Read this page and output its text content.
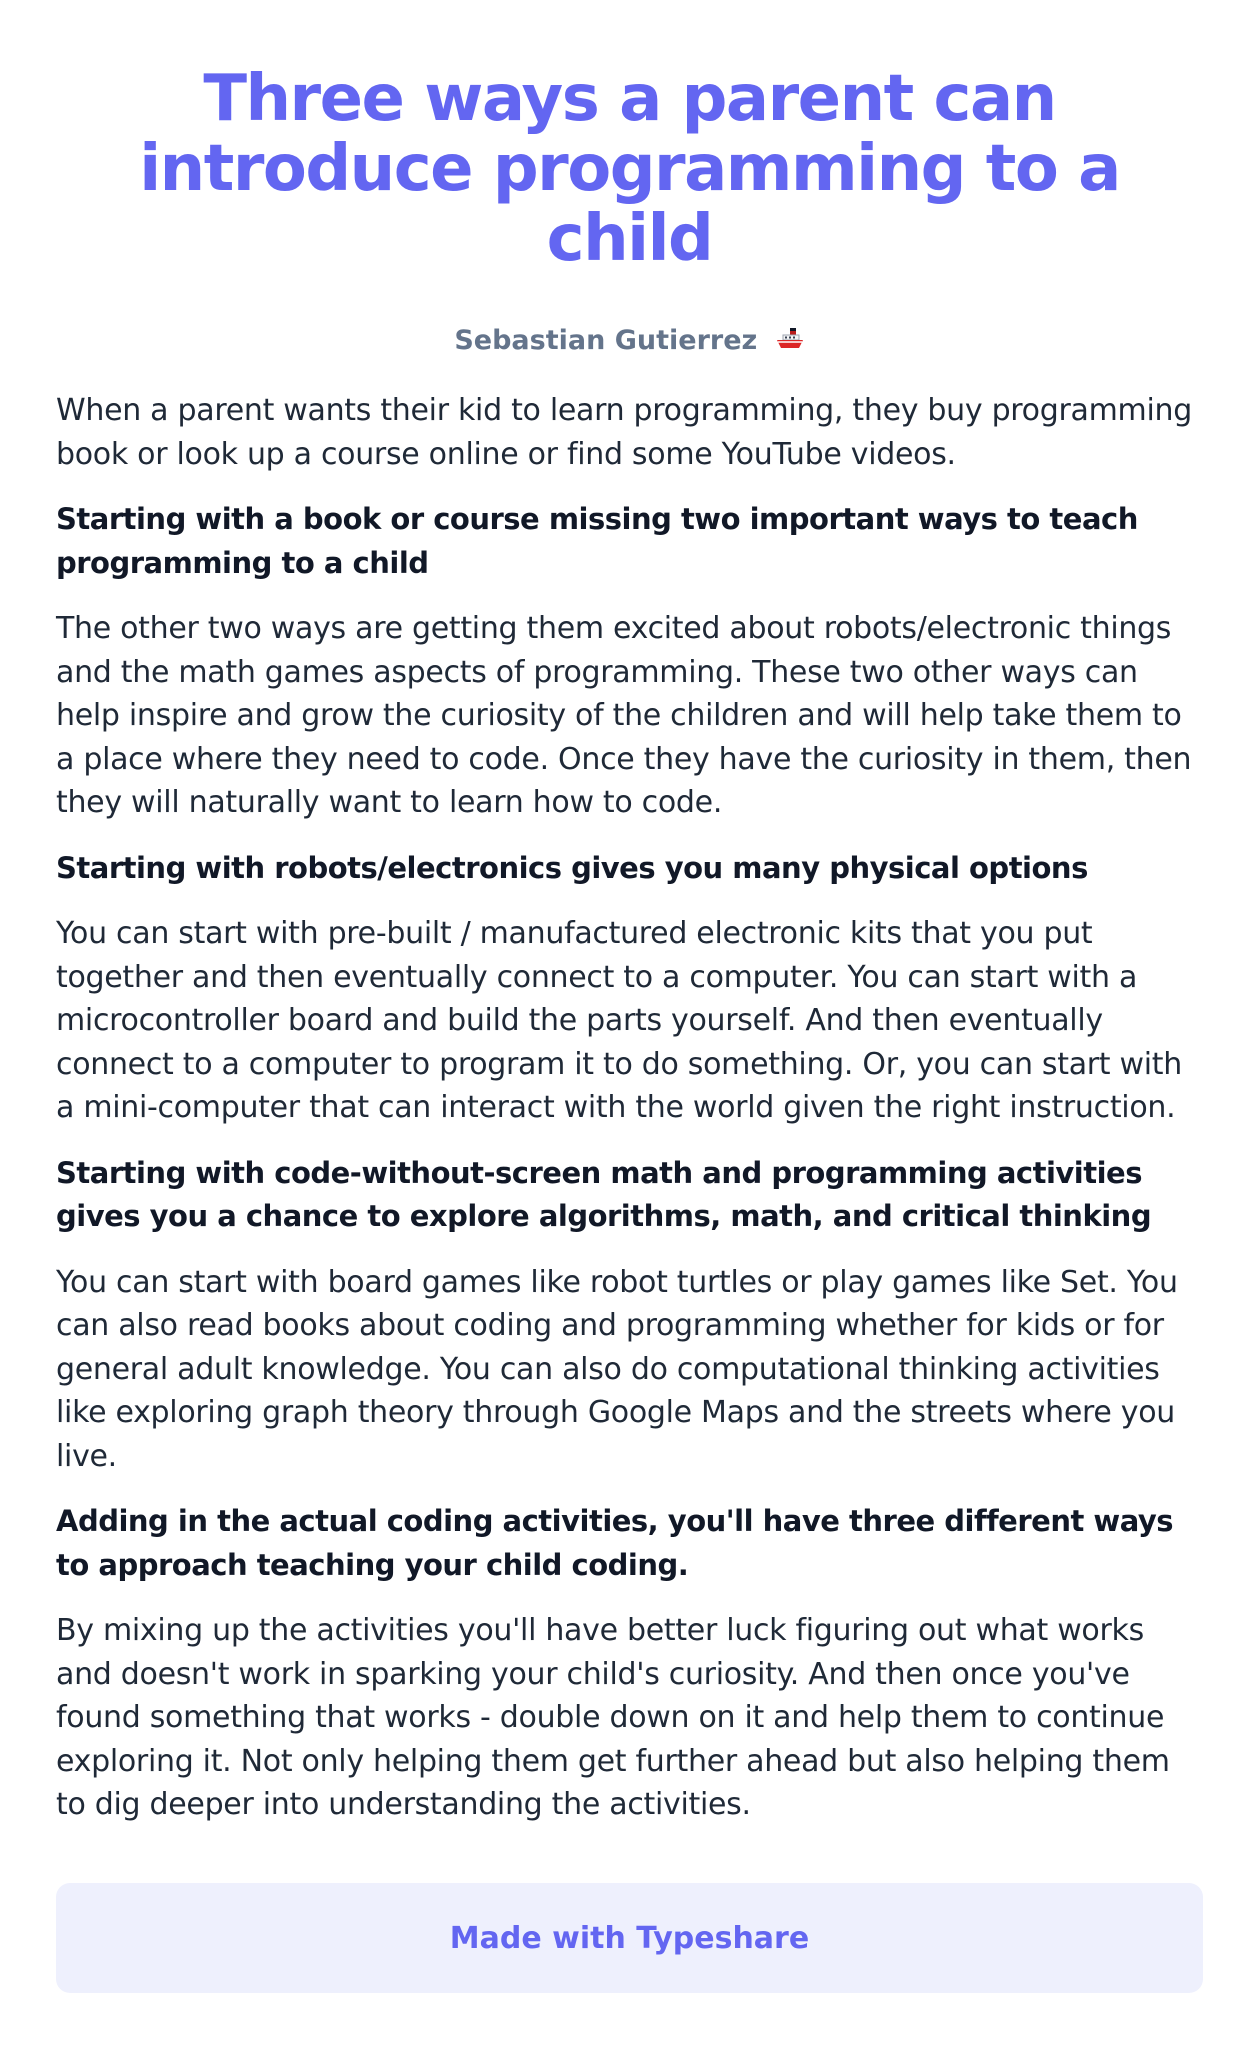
Three ways a parent can introduce programming to a child
Sebastian Gutierrez

When a parent wants their kid to learn programming, they buy programming book or look up a course online or find some YouTube videos.

Starting with a book or course missing two important ways to teach programming to a child

The other two ways are getting them excited about robots/electronic things and the math games aspects of programming. These two other ways can help inspire and grow the curiosity of the children and will help take them to a place where they need to code. Once they have the curiosity in them, then they will naturally want to learn how to code.

Starting with robots/electronics gives you many physical options

You can start with pre-built / manufactured electronic kits that you put together and then eventually connect to a computer. You can start with a microcontroller board and build the parts yourself. And then eventually connect to a computer to program it to do something. Or, you can start with a mini-computer that can interact with the world given the right instruction.

Starting with code-without-screen math and programming activities gives you a chance to explore algorithms, math, and critical thinking

You can start with board games like robot turtles or play games like Set. You can also read books about coding and programming whether for kids or for general adult knowledge. You can also do computational thinking activities like exploring graph theory through Google Maps and the streets where you live.

Adding in the actual coding activities, you'll have three different ways to approach teaching your child coding.

By mixing up the activities you'll have better luck figuring out what works and doesn't work in sparking your child's curiosity. And then once you've found something that works - double down on it and help them to continue exploring it. Not only helping them get further ahead but also helping them to dig deeper into understanding the activities.

Made with Typeshare
